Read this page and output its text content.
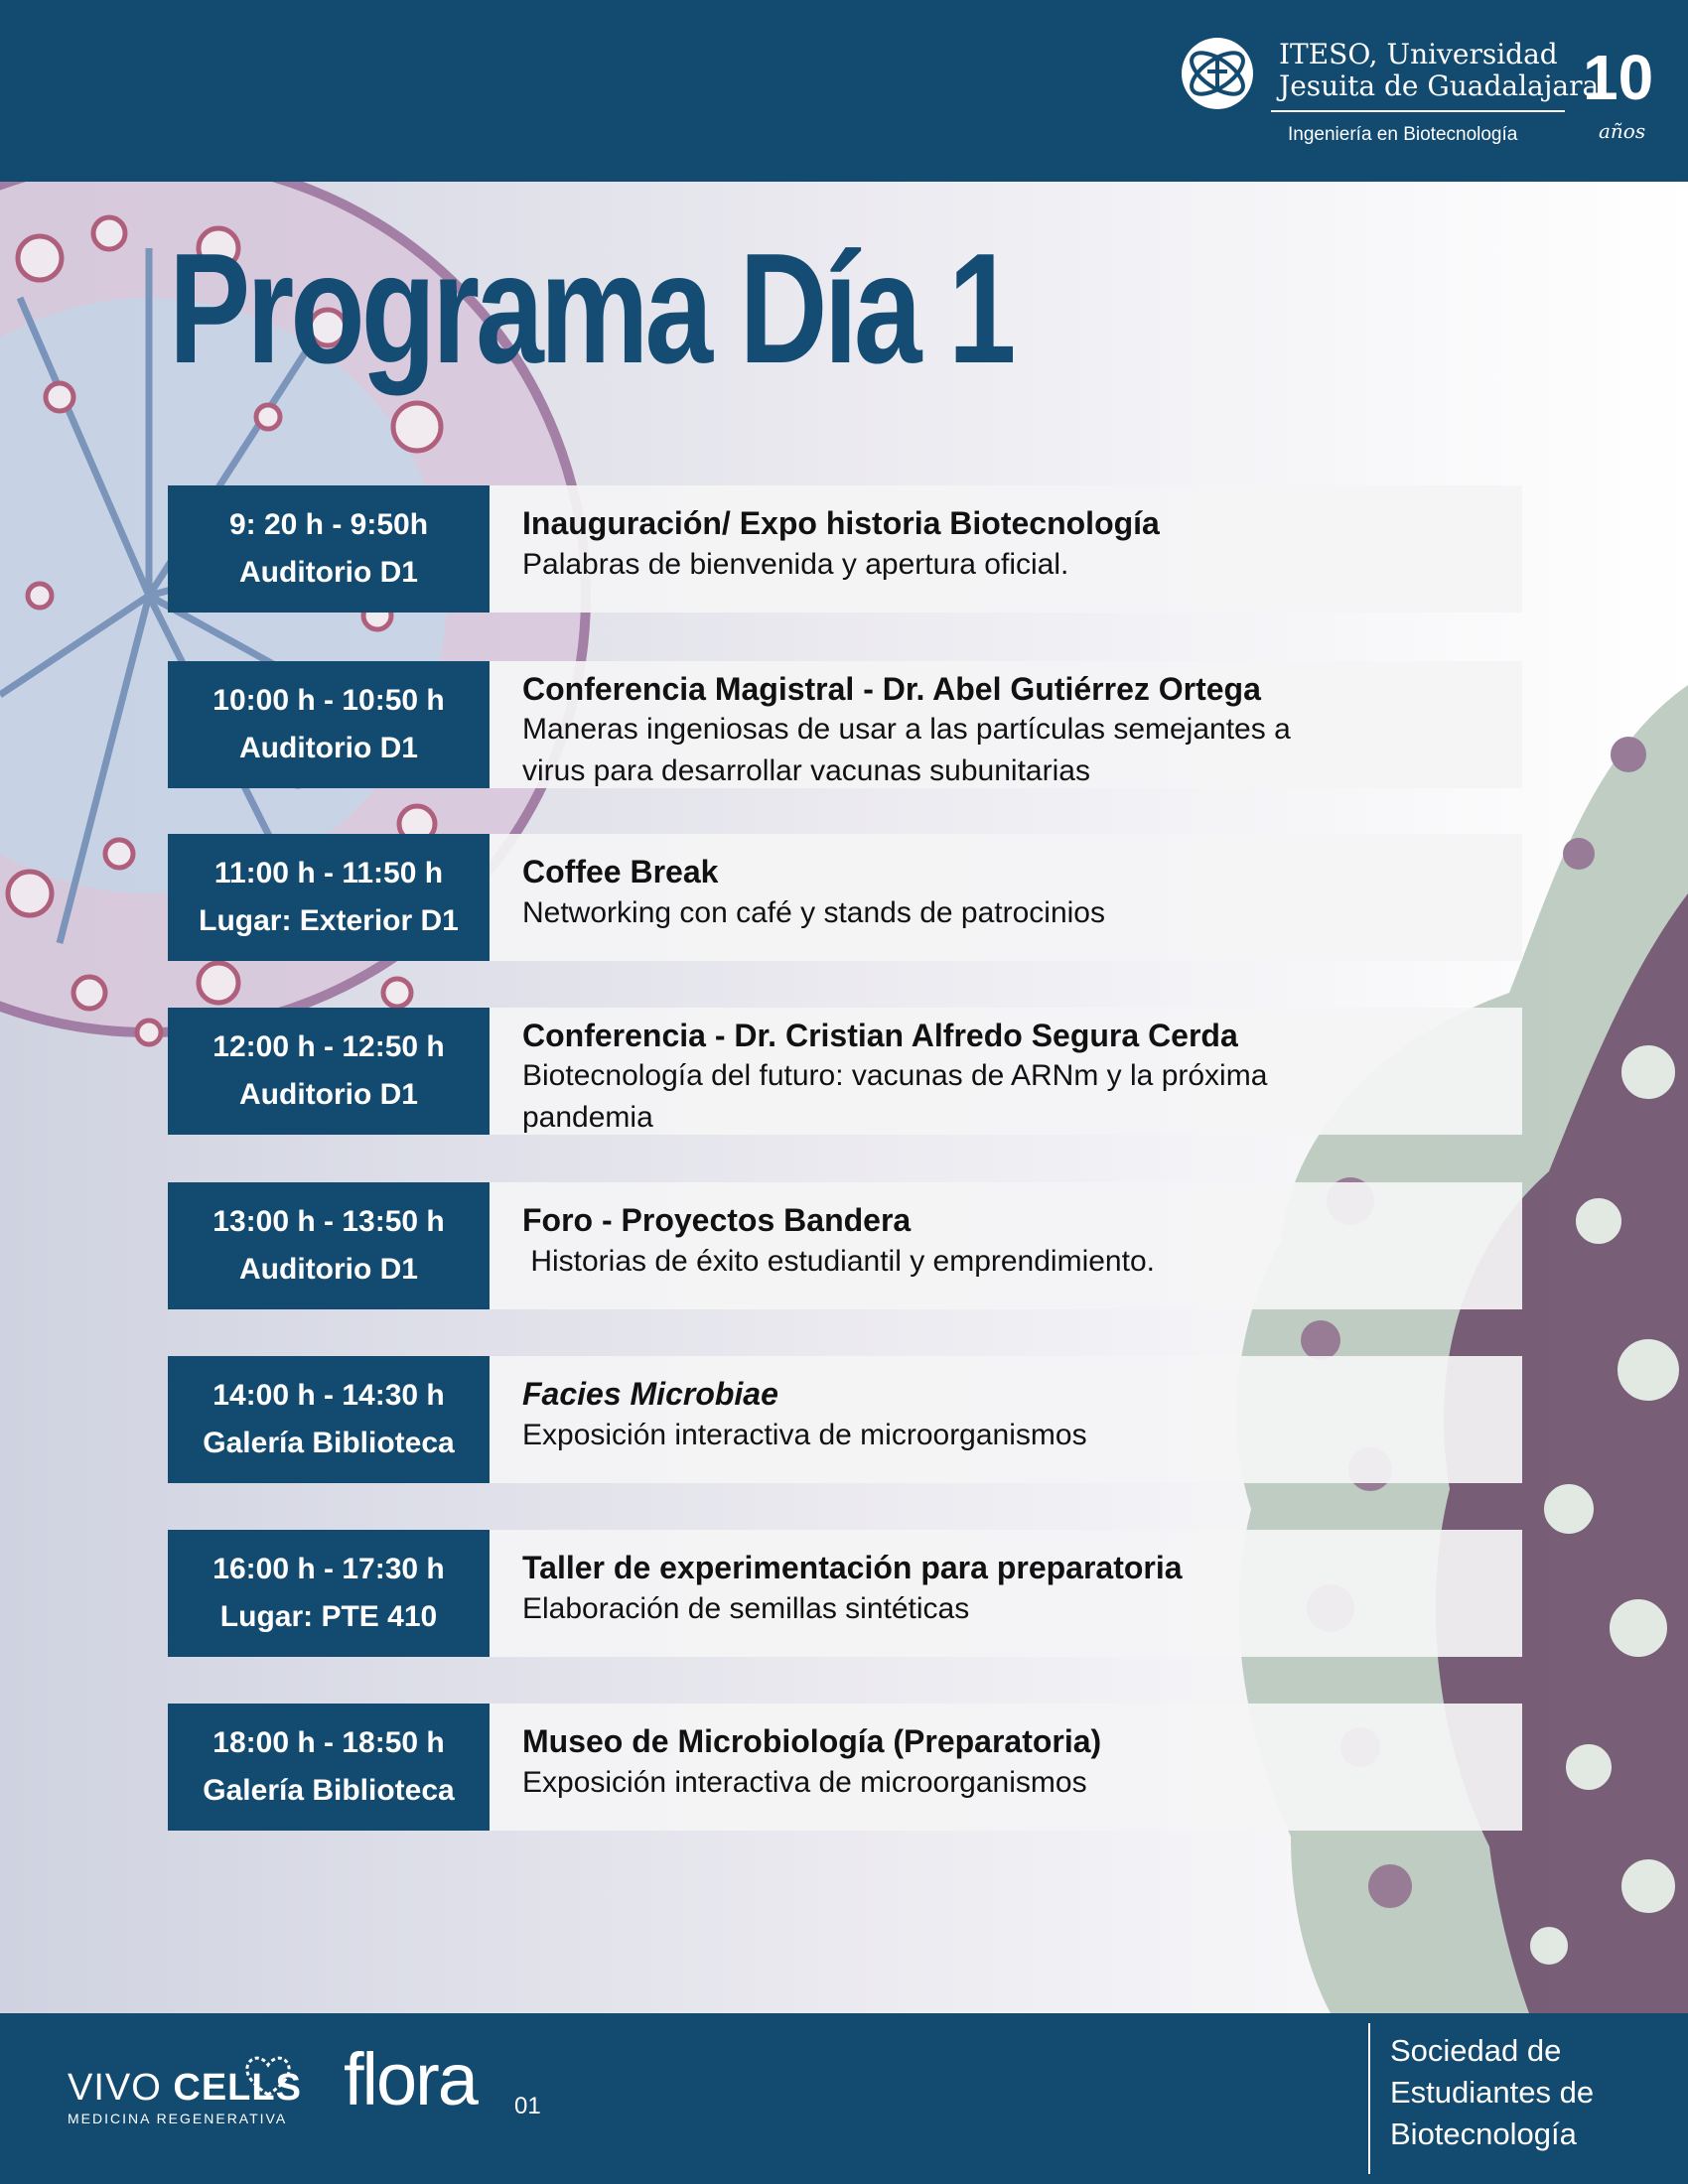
ITESO, Universidad
Jesuita de Guadalajara
Ingeniería en Biotecnología
10
años
Programa Día 1
9: 20 h - 9:50h
Auditorio D1
Inauguración/ Expo historia Biotecnología
Palabras de bienvenida y apertura oficial.
10:00 h - 10:50 h
Auditorio D1
Conferencia Magistral - Dr. Abel Gutiérrez Ortega
Maneras ingeniosas de usar a las partículas semejantes a
virus para desarrollar vacunas subunitarias
11:00 h - 11:50 h
Lugar: Exterior D1
Coffee Break
Networking con café y stands de patrocinios
12:00 h - 12:50 h
Auditorio D1
Conferencia - Dr. Cristian Alfredo Segura Cerda
Biotecnología del futuro: vacunas de ARNm y la próxima
pandemia
13:00 h - 13:50 h
Auditorio D1
Foro - Proyectos Bandera
Historias de éxito estudiantil y emprendimiento.
14:00 h - 14:30 h
Galería Biblioteca
Facies Microbiae
Exposición interactiva de microorganismos
16:00 h - 17:30 h
Lugar: PTE 410
Taller de experimentación para preparatoria
Elaboración de semillas sintéticas
18:00 h - 18:50 h
Galería Biblioteca
Museo de Microbiología (Preparatoria)
Exposición interactiva de microorganismos
VIVO CELLS
MEDICINA REGENERATIVA flora 01
Sociedad de
Estudiantes de
Biotecnología
